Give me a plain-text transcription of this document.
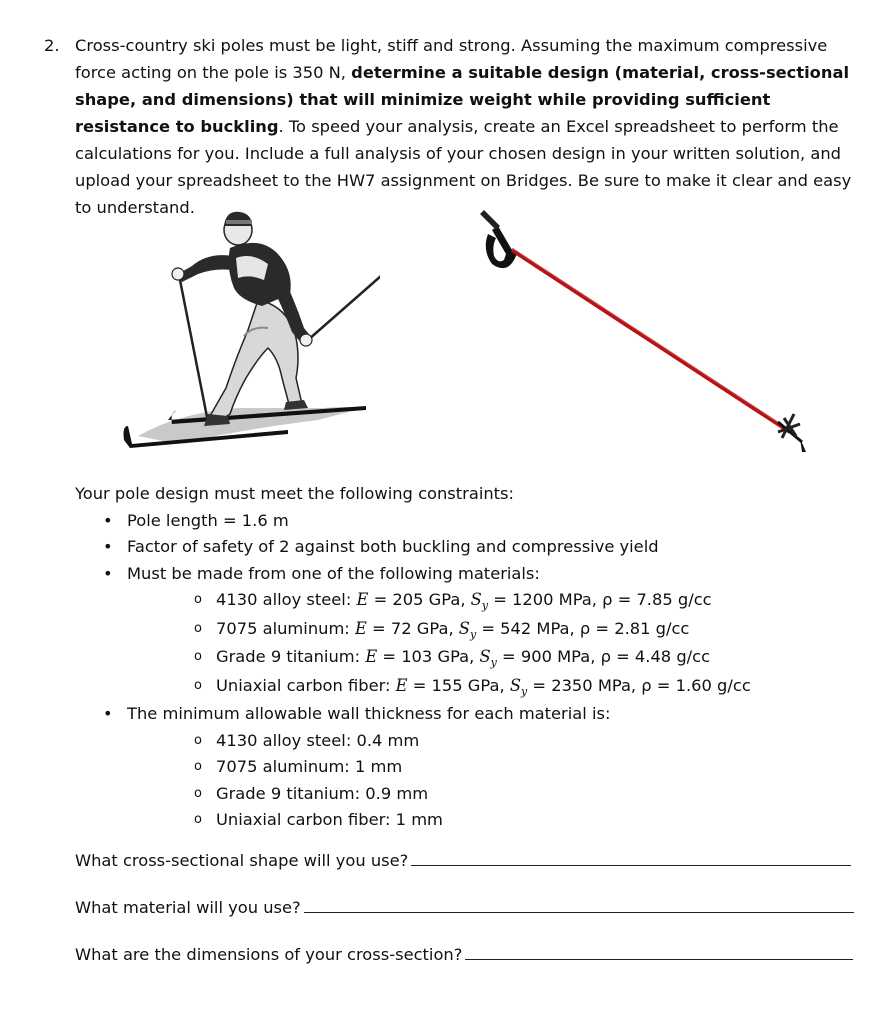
2. Cross-country ski poles must be light, stiff and strong. Assuming the maximum compressive force acting on the pole is 350 N, determine a suitable design (material, cross-sectional shape, and dimensions) that will minimize weight while providing sufficient resistance to buckling. To speed your analysis, create an Excel spreadsheet to perform the calculations for you. Include a full analysis of your chosen design in your written solution, and upload your spreadsheet to the HW7 assignment on Bridges. Be sure to make it clear and easy to understand.

Your pole design must meet the following constraints:

• Pole length = 1.6 m
• Factor of safety of 2 against both buckling and compressive yield
• Must be made from one of the following materials:
o 4130 alloy steel: E = 205 GPa, $S_y = 1200$ MPa, ρ = 7.85 g/cc
o 7075 aluminum: E = 72 GPa, $S_y = 542$ MPa, ρ = 2.81 g/cc
o Grade 9 titanium: E = 103 GPa, $S_y = 900$ MPa, ρ = 4.48 g/cc
o Uniaxial carbon fiber: E = 155 GPa, $S_y = 2350$ MPa, ρ = 1.60 g/cc
• The minimum allowable wall thickness for each material is:
o 4130 alloy steel: 0.4 mm
o 7075 aluminum: 1 mm
o Grade 9 titanium: 0.9 mm
o Uniaxial carbon fiber: 1 mm
What cross-sectional shape will you use?
What material will you use?
What are the dimensions of your cross-section?
